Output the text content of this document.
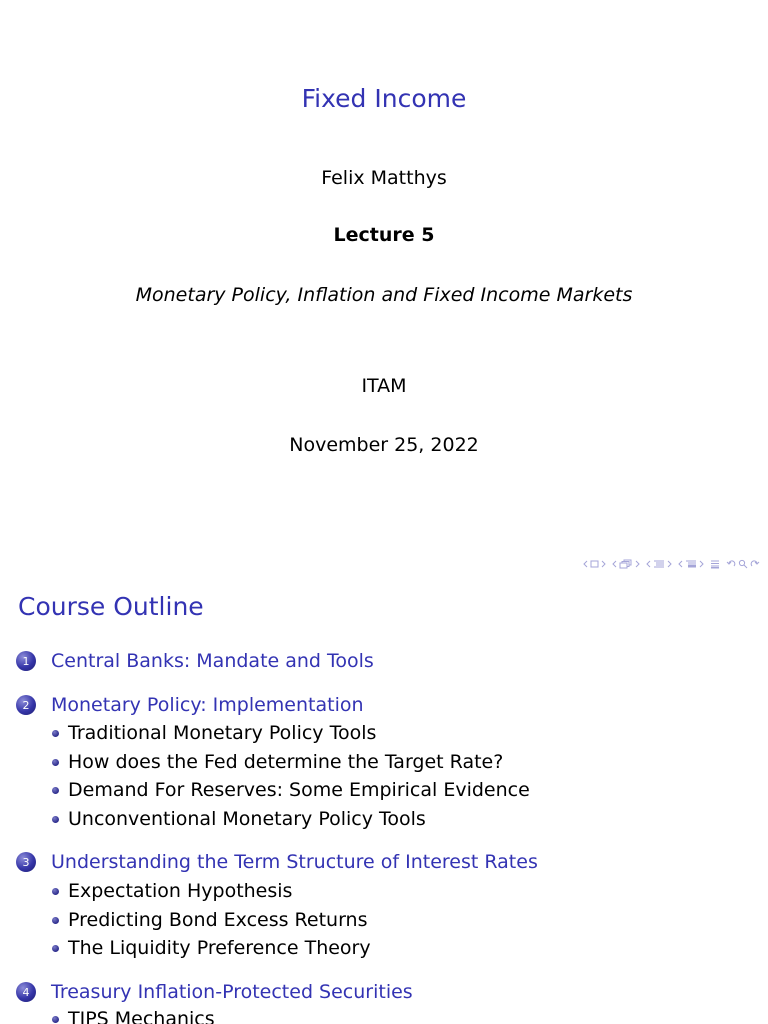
Fixed Income
Felix Matthys
Lecture 5
Monetary Policy, Inflation and Fixed Income Markets
ITAM
November 25, 2022
Course Outline
1	Central Banks: Mandate and Tools
2	Monetary Policy: Implementation
Traditional Monetary Policy Tools
How does the Fed determine the Target Rate?
Demand For Reserves: Some Empirical Evidence
Unconventional Monetary Policy Tools
3	Understanding the Term Structure of Interest Rates
Expectation Hypothesis
Predicting Bond Excess Returns
The Liquidity Preference Theory
4	Treasury Inflation-Protected Securities
TIPS Mechanics
